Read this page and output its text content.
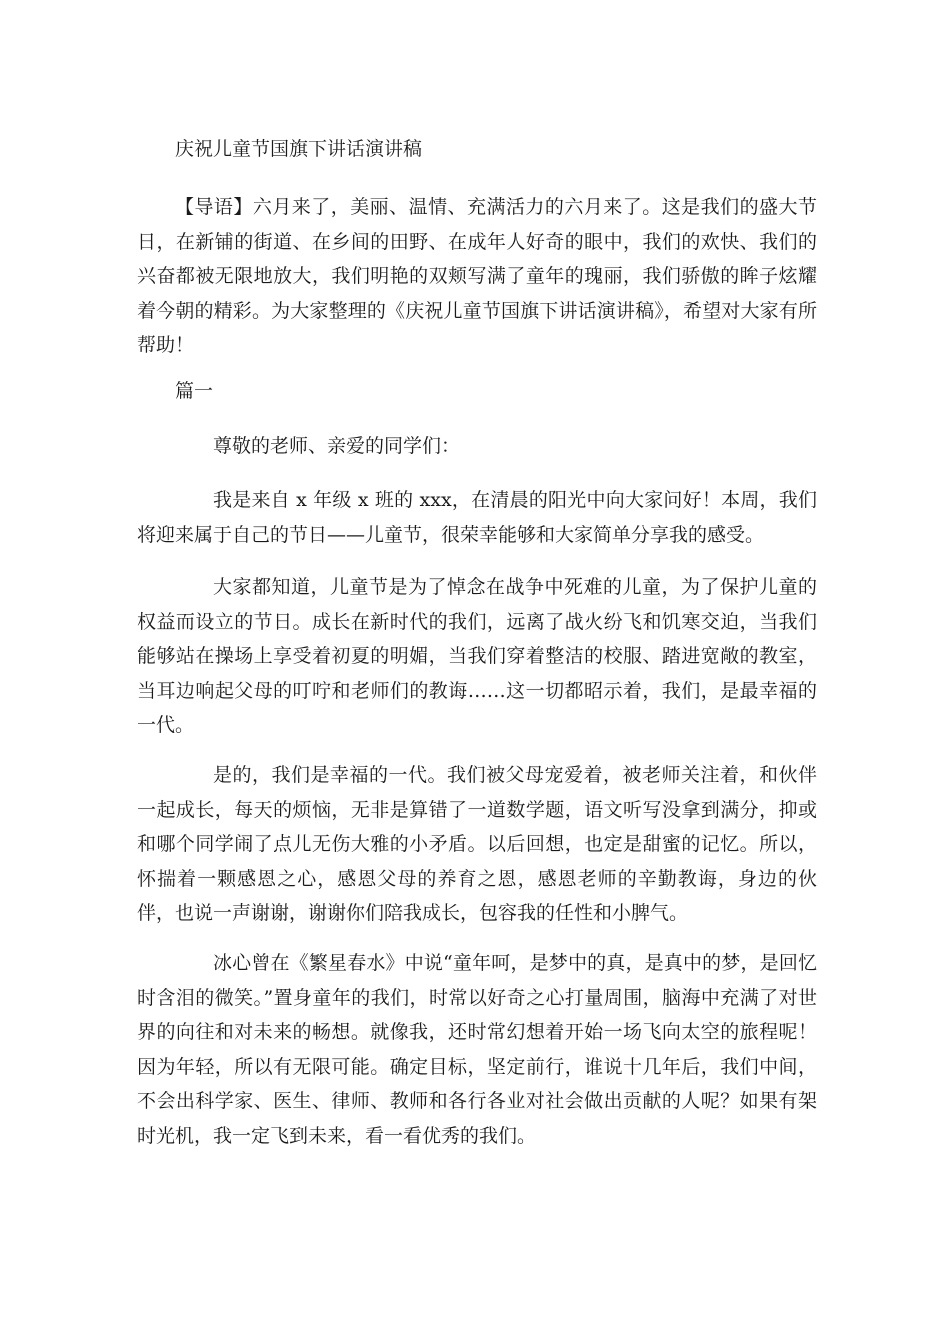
庆祝儿童节国旗下讲话演讲稿

【导语】六月来了，美丽、温情、充满活力的六月来了。这是我们的盛大节日，在新铺的街道、在乡间的田野、在成年人好奇的眼中，我们的欢快、我们的兴奋都被无限地放大，我们明艳的双颊写满了童年的瑰丽，我们骄傲的眸子炫耀着今朝的精彩。为大家整理的《庆祝儿童节国旗下讲话演讲稿》，希望对大家有所帮助！

篇一
尊敬的老师、亲爱的同学们：

我是来自 x 年级 x 班的 xxx，在清晨的阳光中向大家问好！本周，我们将迎来属于自己的节日——儿童节，很荣幸能够和大家简单分享我的感受。

大家都知道，儿童节是为了悼念在战争中死难的儿童，为了保护儿童的权益而设立的节日。成长在新时代的我们，远离了战火纷飞和饥寒交迫，当我们能够站在操场上享受着初夏的明媚，当我们穿着整洁的校服、踏进宽敞的教室，当耳边响起父母的叮咛和老师们的教诲……这一切都昭示着，我们，是最幸福的一代。

是的，我们是幸福的一代。我们被父母宠爱着，被老师关注着，和伙伴一起成长，每天的烦恼，无非是算错了一道数学题，语文听写没拿到满分，抑或和哪个同学闹了点儿无伤大雅的小矛盾。以后回想，也定是甜蜜的记忆。所以，怀揣着一颗感恩之心，感恩父母的养育之恩，感恩老师的辛勤教诲，身边的伙伴，也说一声谢谢，谢谢你们陪我成长，包容我的任性和小脾气。

冰心曾在《繁星春水》中说“童年呵，是梦中的真，是真中的梦，是回忆时含泪的微笑。”置身童年的我们，时常以好奇之心打量周围，脑海中充满了对世界的向往和对未来的畅想。就像我，还时常幻想着开始一场飞向太空的旅程呢！因为年轻，所以有无限可能。确定目标，坚定前行，谁说十几年后，我们中间，不会出科学家、医生、律师、教师和各行各业对社会做出贡献的人呢？如果有架时光机，我一定飞到未来，看一看优秀的我们。
